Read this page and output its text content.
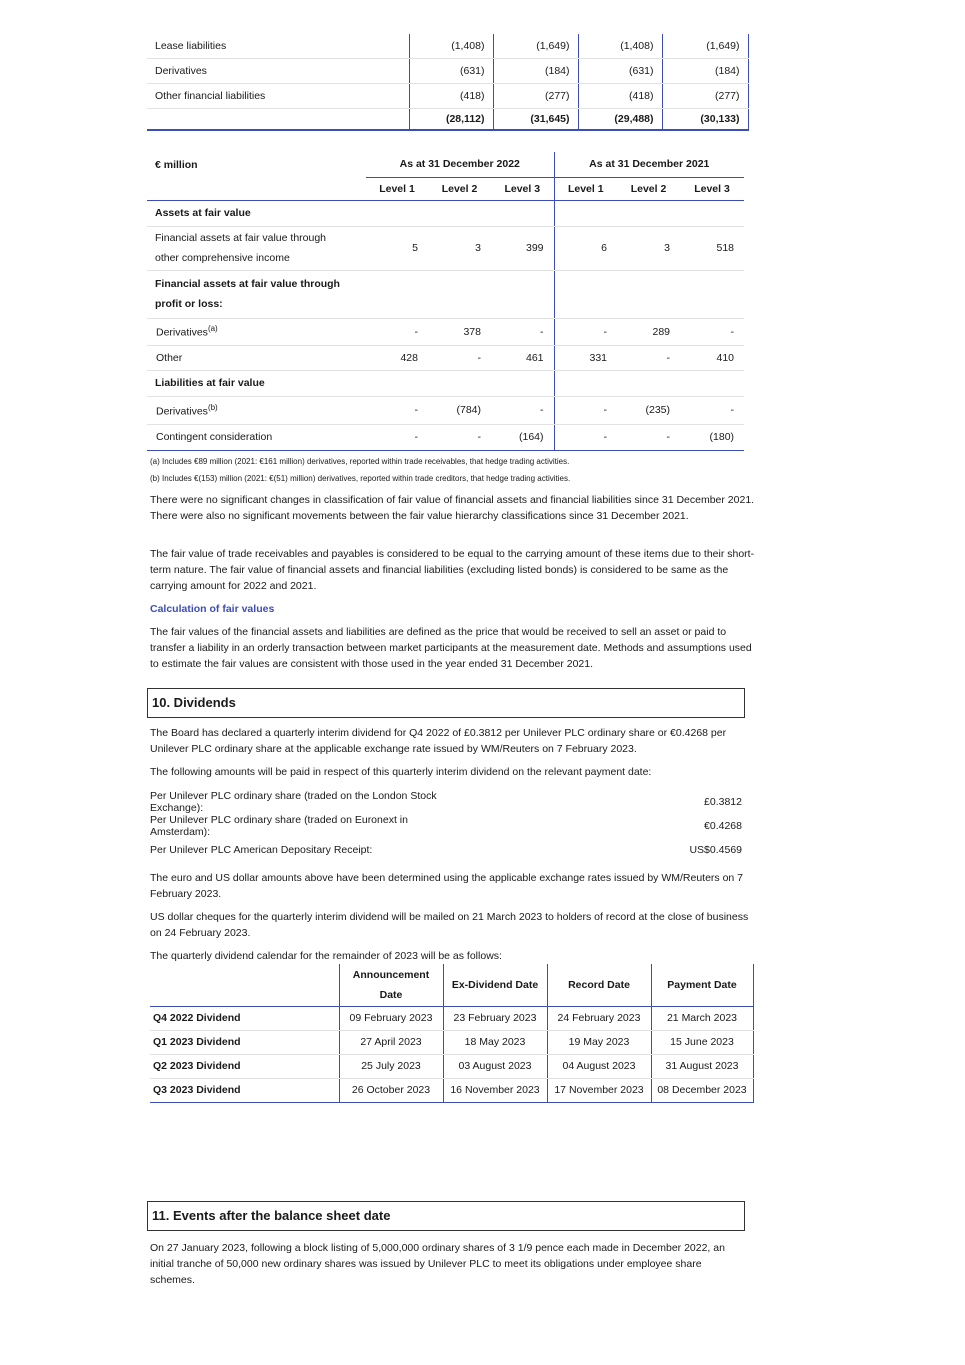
Lease liabilities	(1,408)	(1,649)	(1,408)	(1,649)
Derivatives	(631)	(184)	(631)	(184)
Other financial liabilities	(418)	(277)	(418)	(277)
	(28,112)	(31,645)	(29,488)	(30,133)
€ million	As at 31 December 2022			As at 31 December 2021		
	Level 1	Level 2	Level 3	Level 1	Level 2	Level 3
Assets at fair value						
Financial assets at fair value through
other comprehensive income	5	3	399	6	3	518
Financial assets at fair value through
profit or loss:						
Derivatives$^{(a)}$	-	378	-	-	289	-
Other	428	-	461	331	-	410
Liabilities at fair value						
Derivatives$^{(b)}$	-	(784)	-	-	(235)	-
Contingent consideration	-	-	(164)	-	-	(180)
(a) Includes €89 million (2021: €161 million) derivatives, reported within trade receivables, that hedge trading activities.
(b) Includes €(153) million (2021: €(51) million) derivatives, reported within trade creditors, that hedge trading activities.

There were no significant changes in classification of fair value of financial assets and financial liabilities since 31 December 2021. There were also no significant movements between the fair value hierarchy classifications since 31 December 2021.

The fair value of trade receivables and payables is considered to be equal to the carrying amount of these items due to their short-term nature. The fair value of financial assets and financial liabilities (excluding listed bonds) is considered to be same as the carrying amount for 2022 and 2021.

Calculation of fair values

The fair values of the financial assets and liabilities are defined as the price that would be received to sell an asset or paid to transfer a liability in an orderly transaction between market participants at the measurement date. Methods and assumptions used to estimate the fair values are consistent with those used in the year ended 31 December 2021.

10. Dividends

The Board has declared a quarterly interim dividend for Q4 2022 of £0.3812 per Unilever PLC ordinary share or €0.4268 per Unilever PLC ordinary share at the applicable exchange rate issued by WM/Reuters on 7 February 2023.

The following amounts will be paid in respect of this quarterly interim dividend on the relevant payment date:

Per Unilever PLC ordinary share (traded on the London Stock Exchange):	£0.3812
Per Unilever PLC ordinary share (traded on Euronext in Amsterdam):	€0.4268
Per Unilever PLC American Depositary Receipt:	US$0.4569

The euro and US dollar amounts above have been determined using the applicable exchange rates issued by WM/Reuters on 7 February 2023.

US dollar cheques for the quarterly interim dividend will be mailed on 21 March 2023 to holders of record at the close of business on 24 February 2023.

The quarterly dividend calendar for the remainder of 2023 will be as follows:

	Announcement Date	Ex-Dividend Date	Record Date	Payment Date
Q4 2022 Dividend	09 February 2023	23 February 2023	24 February 2023	21 March 2023
Q1 2023 Dividend	27 April 2023	18 May 2023	19 May 2023	15 June 2023
Q2 2023 Dividend	25 July 2023	03 August 2023	04 August 2023	31 August 2023
Q3 2023 Dividend	26 October 2023	16 November 2023	17 November 2023	08 December 2023
11. Events after the balance sheet date

On 27 January 2023, following a block listing of 5,000,000 ordinary shares of 3 1/9 pence each made in December 2022, an initial tranche of 50,000 new ordinary shares was issued by Unilever PLC to meet its obligations under employee share schemes.
